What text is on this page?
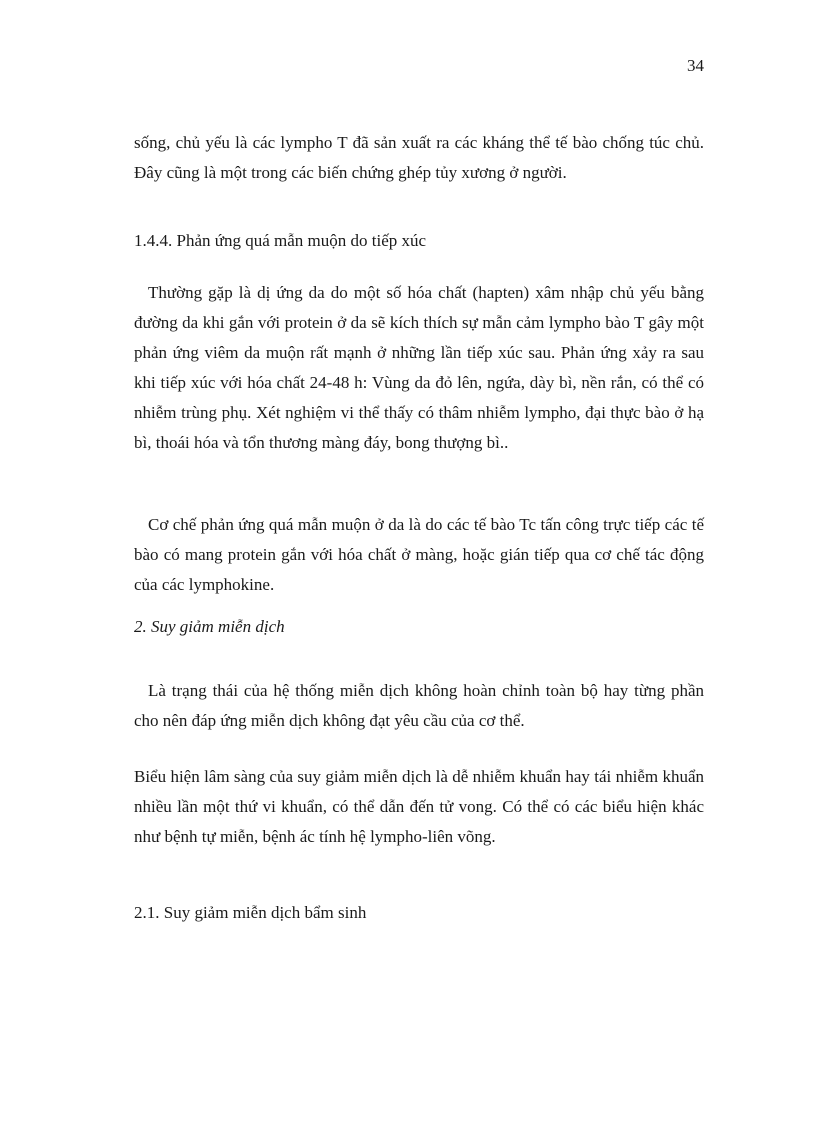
34

sống, chủ yếu là các lympho T đã sản xuất ra các kháng thể tế bào chống túc chủ. Đây cũng là một trong các biến chứng ghép tủy xương ở người.

1.4.4. Phản ứng quá mẫn muộn do tiếp xúc

Thường gặp là dị ứng da do một số hóa chất (hapten) xâm nhập chủ yếu bằng đường da khi gắn với protein ở da sẽ kích thích sự mẫn cảm lympho bào T gây một phản ứng viêm da muộn rất mạnh ở những lần tiếp xúc sau. Phản ứng xảy ra sau khi tiếp xúc với hóa chất 24-48 h: Vùng da đỏ lên, ngứa, dày bì, nền rắn, có thể có nhiễm trùng phụ. Xét nghiệm vi thể thấy có thâm nhiễm lympho, đại thực bào ở hạ bì, thoái hóa và tổn thương màng đáy, bong thượng bì..

Cơ chế phản ứng quá mẫn muộn ở da là do các tế bào Tc tấn công trực tiếp các tế bào có mang protein gắn với hóa chất ở màng, hoặc gián tiếp qua cơ chế tác động của các lymphokine.

2. Suy giảm miễn dịch

Là trạng thái của hệ thống miễn dịch không hoàn chỉnh toàn bộ hay từng phần cho nên đáp ứng miễn dịch không đạt yêu cầu của cơ thể.

Biểu hiện lâm sàng của suy giảm miễn dịch là dễ nhiễm khuẩn hay tái nhiễm khuẩn nhiều lần một thứ vi khuẩn, có thể dẫn đến tử vong. Có thể có các biểu hiện khác như bệnh tự miễn, bệnh ác tính hệ lympho-liên võng.

2.1. Suy giảm miễn dịch bẩm sinh
